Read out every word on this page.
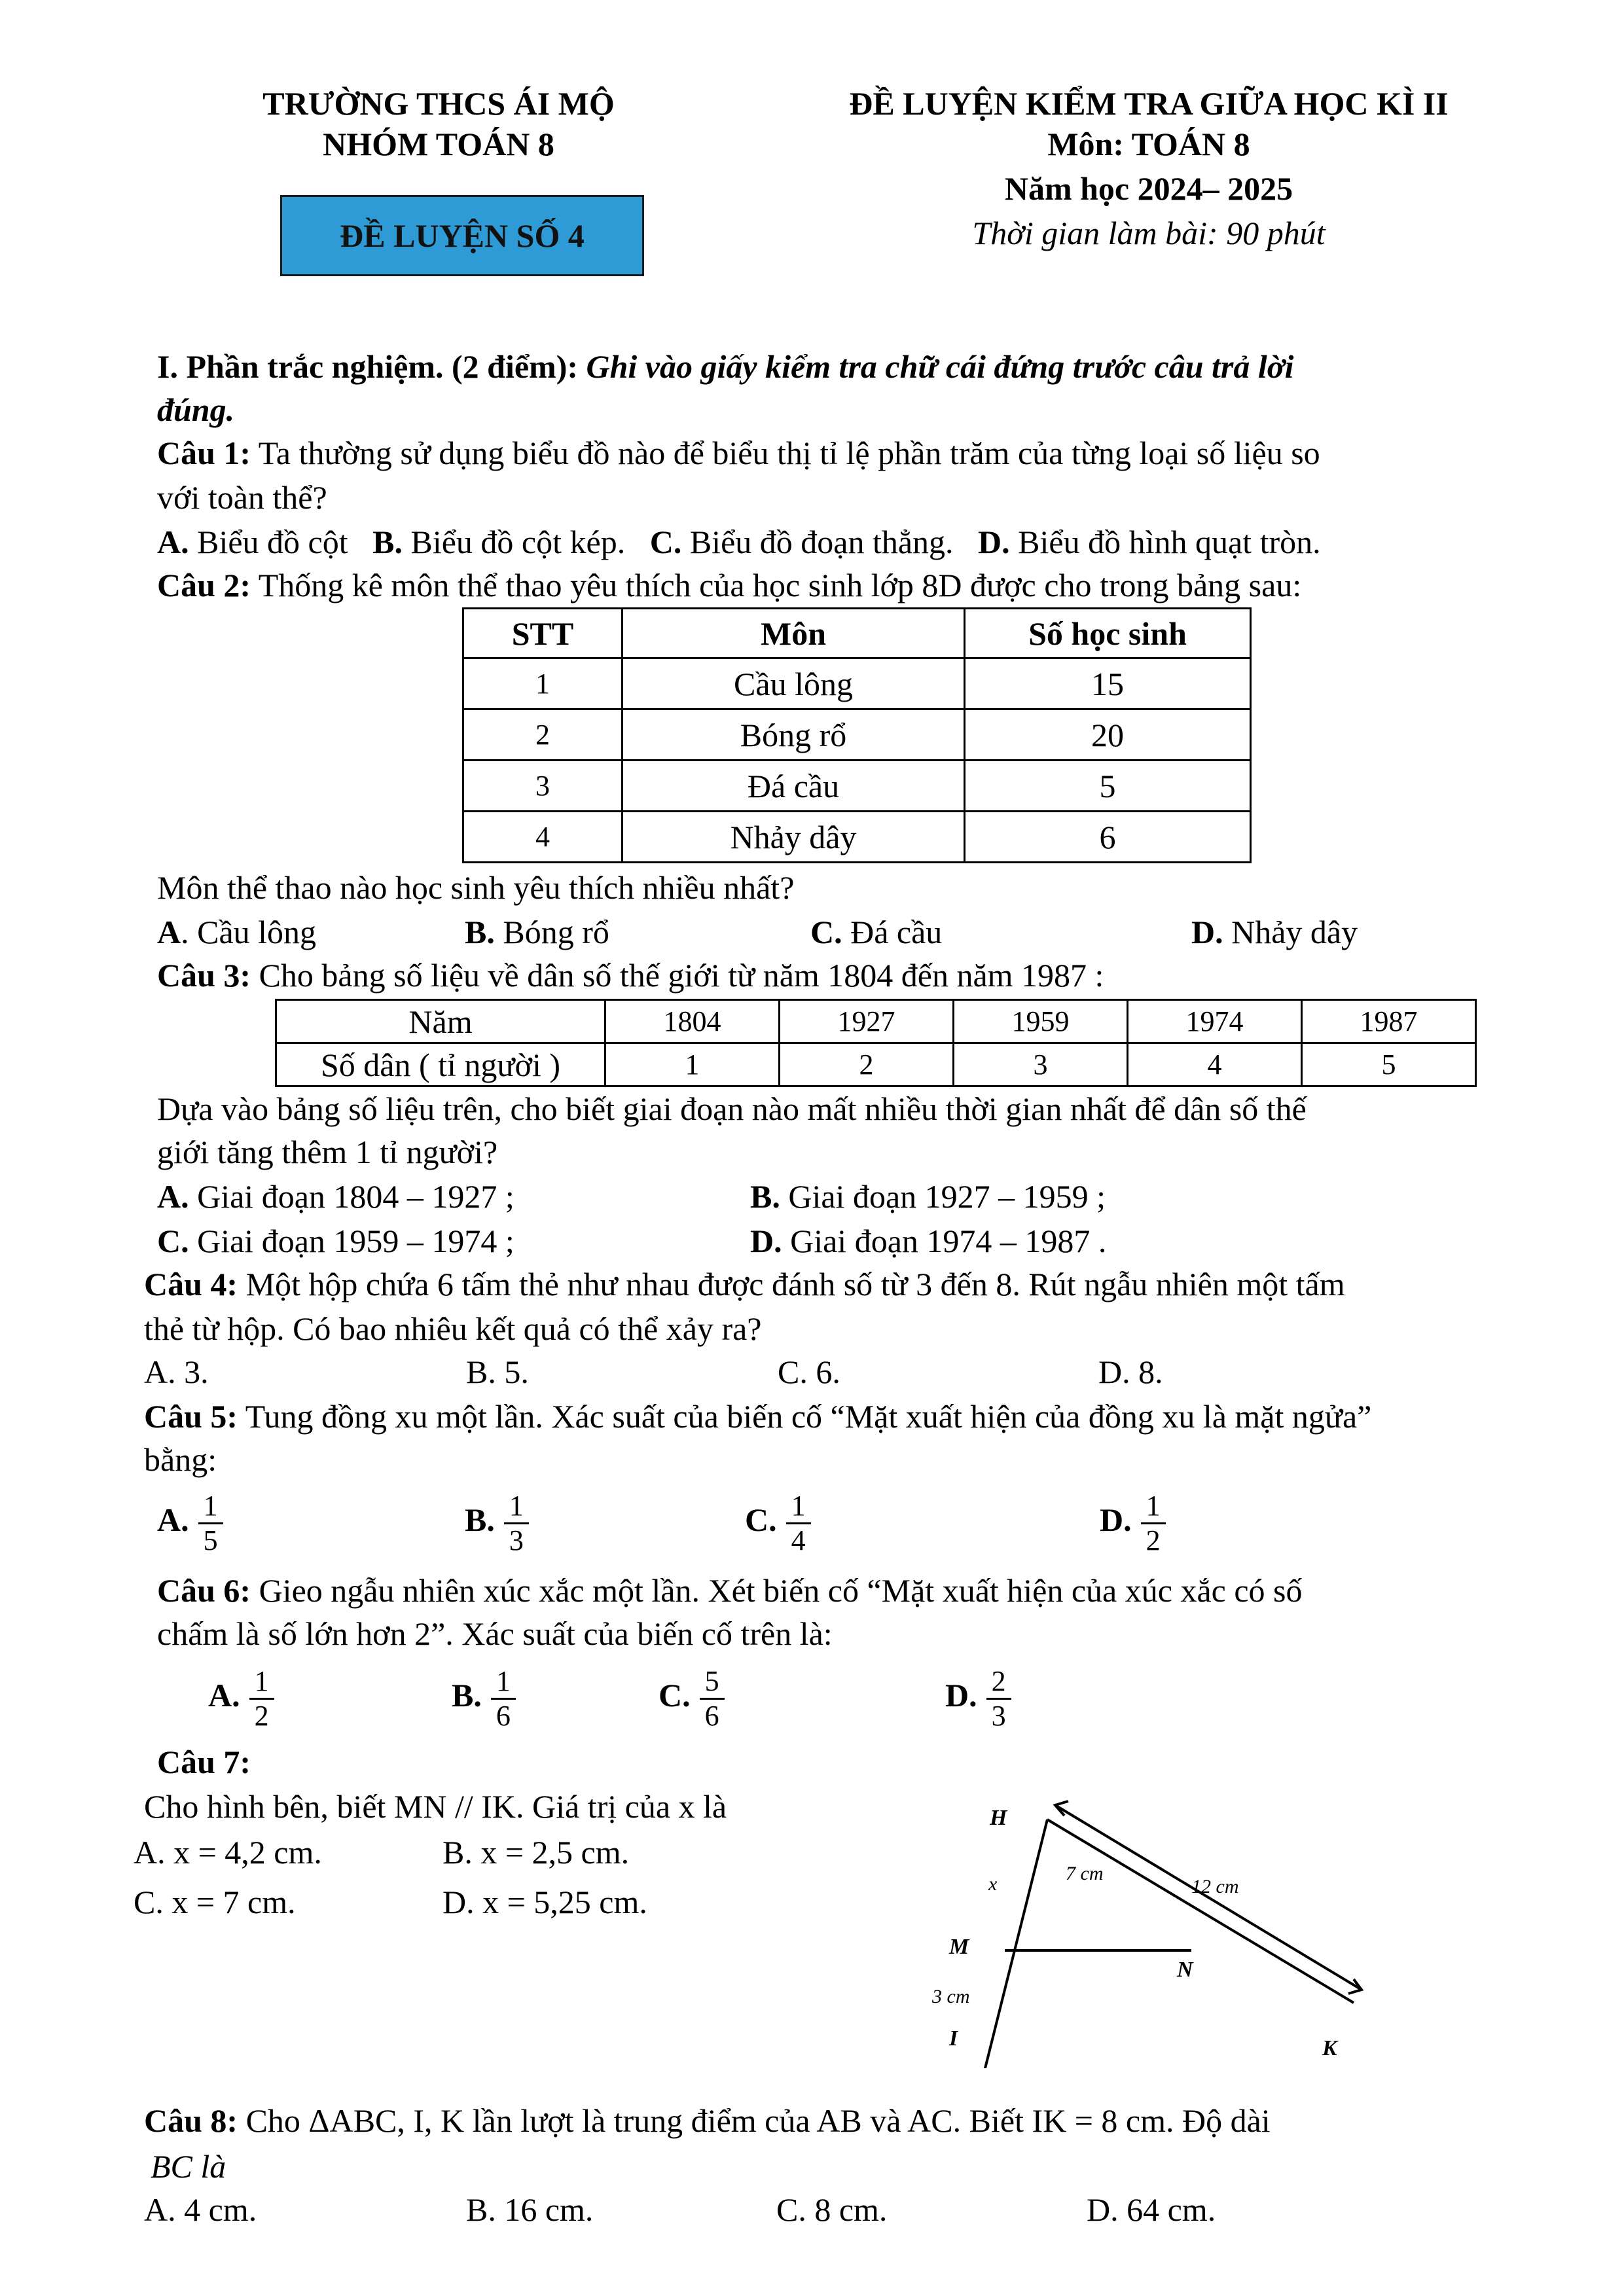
TRƯỜNG THCS ÁI MỘ
NHÓM TOÁN 8
ĐỀ LUYỆN SỐ 4
ĐỀ LUYỆN KIỂM TRA GIỮA HỌC KÌ II
Môn: TOÁN 8
Năm học 2024– 2025
Thời gian làm bài: 90 phút
I. Phần trắc nghiệm. (2 điểm): Ghi vào giấy kiểm tra chữ cái đứng trước câu trả lời
đúng.
Câu 1: Ta thường sử dụng biểu đồ nào để biểu thị tỉ lệ phần trăm của từng loại số liệu so
với toàn thể?
A. Biểu đồ cột B. Biểu đồ cột kép. C. Biểu đồ đoạn thẳng. D. Biểu đồ hình quạt tròn.
Câu 2: Thống kê môn thể thao yêu thích của học sinh lớp 8D được cho trong bảng sau:
STT	Môn	Số học sinh
1	Cầu lông	15
2	Bóng rổ	20
3	Đá cầu	5
4	Nhảy dây	6
Môn thể thao nào học sinh yêu thích nhiều nhất?
A. Cầu lông	B. Bóng rổ	C. Đá cầu	D. Nhảy dây
Câu 3: Cho bảng số liệu về dân số thế giới từ năm 1804 đến năm 1987 :
Năm	1804	1927	1959	1974	1987
Số dân ( tỉ người )	1	2	3	4	5
Dựa vào bảng số liệu trên, cho biết giai đoạn nào mất nhiều thời gian nhất để dân số thế
giới tăng thêm 1 tỉ người?
A. Giai đoạn 1804 – 1927 ;	B. Giai đoạn 1927 – 1959 ;
C. Giai đoạn 1959 – 1974 ;	D. Giai đoạn 1974 – 1987 .
Câu 4: Một hộp chứa 6 tấm thẻ như nhau được đánh số từ 3 đến 8. Rút ngẫu nhiên một tấm
thẻ từ hộp. Có bao nhiêu kết quả có thể xảy ra?
A. 3.	B. 5.	C. 6.	D. 8.
Câu 5: Tung đồng xu một lần. Xác suất của biến cố “Mặt xuất hiện của đồng xu là mặt ngửa”
bằng:
A. $\frac{1}{5}$	B. $\frac{1}{3}$	C. $\frac{1}{4}$	D. $\frac{1}{2}$
Câu 6: Gieo ngẫu nhiên xúc xắc một lần. Xét biến cố “Mặt xuất hiện của xúc xắc có số
chấm là số lớn hơn 2”. Xác suất của biến cố trên là:
A. $\frac{1}{2}$	B. $\frac{1}{6}$	C. $\frac{5}{6}$	D. $\frac{2}{3}$
Câu 7:
Cho hình bên, biết MN // IK. Giá trị của x là
A. x = 4,2 cm.	B. x = 2,5 cm.
C. x = 7 cm.	D. x = 5,25 cm.
H
M
N
I	K
x	7 cm
12 cm
3 cm
Câu 8: Cho ΔABC, I, K lần lượt là trung điểm của AB và AC. Biết IK = 8 cm. Độ dài
BC là
A. 4 cm.	B. 16 cm.	C. 8 cm.	D. 64 cm.
